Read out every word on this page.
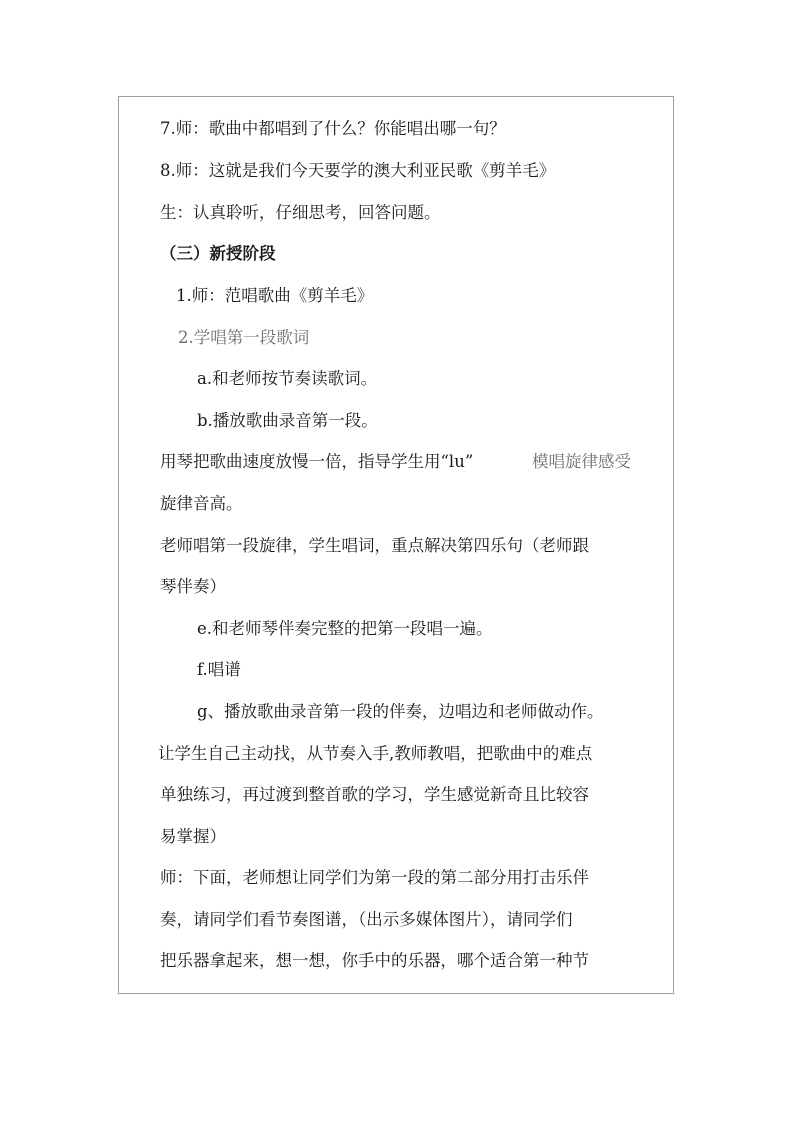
7.师：歌曲中都唱到了什么？你能唱出哪一句？
8.师：这就是我们今天要学的澳大利亚民歌《剪羊毛》
生：认真聆听，仔细思考，回答问题。
（三）新授阶段
1.师：范唱歌曲《剪羊毛》
2.学唱第一段歌词
a.和老师按节奏读歌词。
b.播放歌曲录音第一段。
用琴把歌曲速度放慢一倍，指导学生用“lu”	模唱旋律感受
旋律音高。
老师唱第一段旋律，学生唱词，重点解决第四乐句（老师跟
琴伴奏）
e.和老师琴伴奏完整的把第一段唱一遍。
f.唱谱
g、播放歌曲录音第一段的伴奏，边唱边和老师做动作。
让学生自己主动找，从节奏入手,教师教唱，把歌曲中的难点
单独练习，再过渡到整首歌的学习，学生感觉新奇且比较容
易掌握）
师：下面，老师想让同学们为第一段的第二部分用打击乐伴
奏，请同学们看节奏图谱，（出示多媒体图片），请同学们
把乐器拿起来，想一想，你手中的乐器，哪个适合第一种节
